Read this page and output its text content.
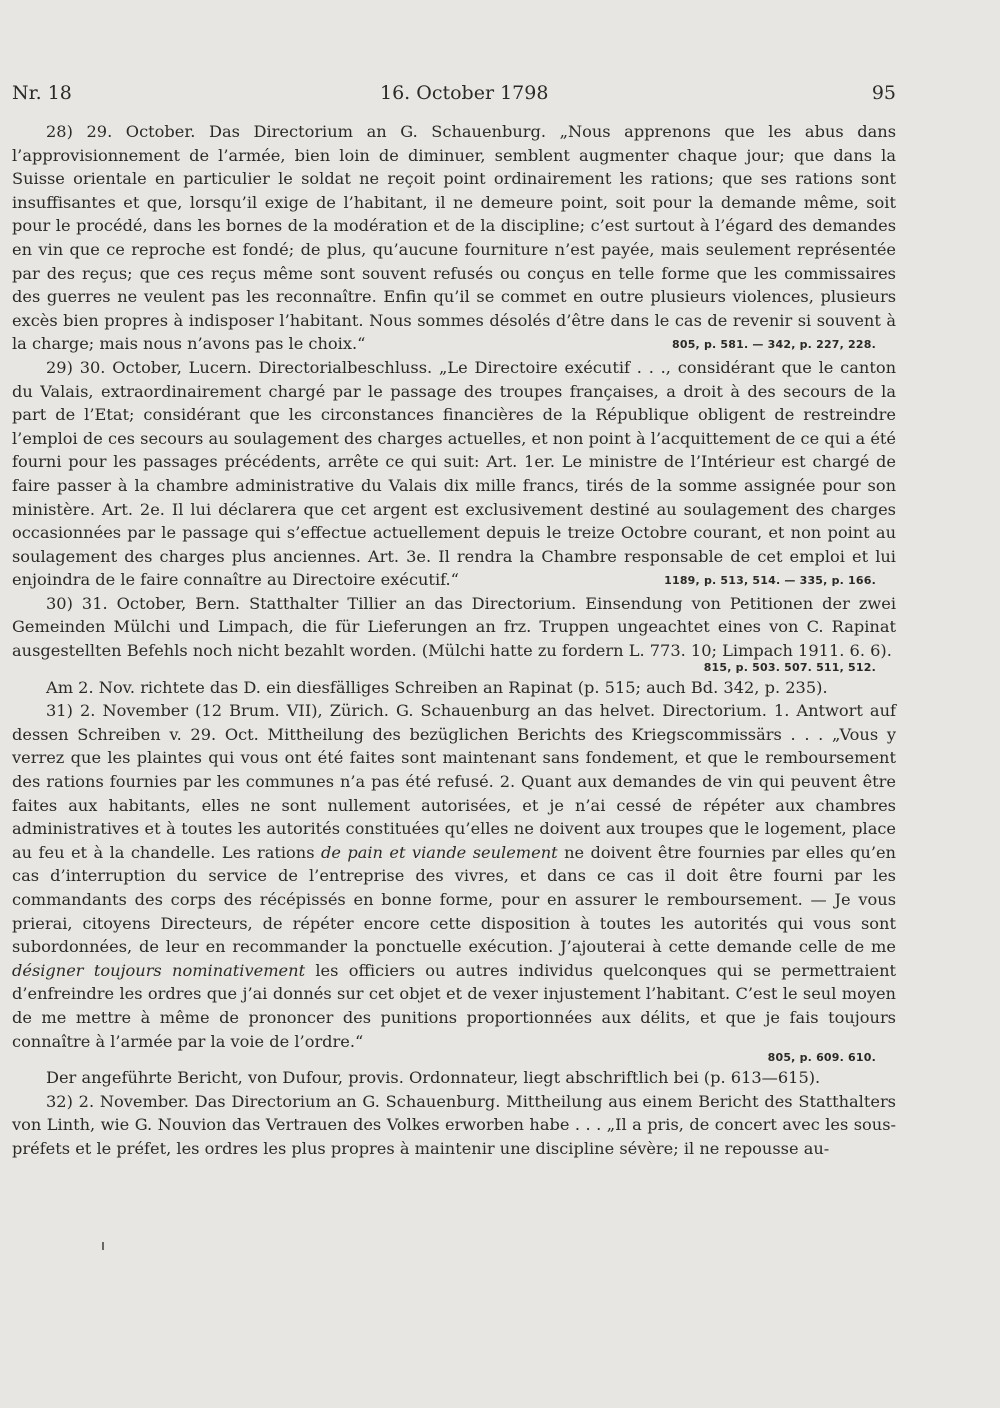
Nr. 18	16. October 1798	95

28) 29. October. Das Directorium an G. Schauenburg. „Nous apprenons que les abus dans l’approvisionnement de l’armée, bien loin de diminuer, semblent augmenter chaque jour; que dans la Suisse orientale en particulier le soldat ne reçoit point ordinairement les rations; que ses rations sont insuffisantes et que, lorsqu’il exige de l’habitant, il ne demeure point, soit pour la demande même, soit pour le procédé, dans les bornes de la modération et de la discipline; c’est surtout à l’égard des demandes en vin que ce reproche est fondé; de plus, qu’aucune fourniture n’est payée, mais seulement représentée par des reçus; que ces reçus même sont souvent refusés ou conçus en telle forme que les commissaires des guerres ne veulent pas les reconnaître. Enfin qu’il se commet en outre plusieurs violences, plusieurs excès bien propres à indisposer l’habitant. Nous sommes désolés d’être dans le cas de revenir si souvent à la charge; mais nous n’avons pas le choix.“	805, p. 581. — 342, p. 227, 228.

29) 30. October, Lucern. Directorialbeschluss. „Le Directoire exécutif . . ., considérant que le canton du Valais, extraordinairement chargé par le passage des troupes françaises, a droit à des secours de la part de l’Etat; considérant que les circonstances financières de la République obligent de restreindre l’emploi de ces secours au soulagement des charges actuelles, et non point à l’acquittement de ce qui a été fourni pour les passages précédents, arrête ce qui suit: Art. 1er. Le ministre de l’Intérieur est chargé de faire passer à la chambre administrative du Valais dix mille francs, tirés de la somme assignée pour son ministère. Art. 2e. Il lui déclarera que cet argent est exclusivement destiné au soulagement des charges occasionnées par le passage qui s’effectue actuellement depuis le treize Octobre courant, et non point au soulagement des charges plus anciennes. Art. 3e. Il rendra la Chambre responsable de cet emploi et lui enjoindra de le faire connaître au Directoire exécutif.“	1189, p. 513, 514. — 335, p. 166.

30) 31. October, Bern. Statthalter Tillier an das Directorium. Einsendung von Petitionen der zwei Gemeinden Mülchi und Limpach, die für Lieferungen an frz. Truppen ungeachtet eines von C. Rapinat ausgestellten Befehls noch nicht bezahlt worden. (Mülchi hatte zu fordern L. 773. 10; Limpach 1911. 6. 6).

815, p. 503. 507. 511, 512.

Am 2. Nov. richtete das D. ein diesfälliges Schreiben an Rapinat (p. 515; auch Bd. 342, p. 235).

31) 2. November (12 Brum. VII), Zürich. G. Schauenburg an das helvet. Directorium. 1. Antwort auf dessen Schreiben v. 29. Oct. Mittheilung des bezüglichen Berichts des Kriegscommissärs . . . „Vous y verrez que les plaintes qui vous ont été faites sont maintenant sans fondement, et que le remboursement des rations fournies par les communes n’a pas été refusé. 2. Quant aux demandes de vin qui peuvent être faites aux habitants, elles ne sont nullement autorisées, et je n’ai cessé de répéter aux chambres administratives et à toutes les autorités constituées qu’elles ne doivent aux troupes que le logement, place au feu et à la chandelle. Les rations de pain et viande seulement ne doivent être fournies par elles qu’en cas d’interruption du service de l’entreprise des vivres, et dans ce cas il doit être fourni par les commandants des corps des récépissés en bonne forme, pour en assurer le remboursement. — Je vous prierai, citoyens Directeurs, de répéter encore cette disposition à toutes les autorités qui vous sont subordonnées, de leur en recommander la ponctuelle exécution. J’ajouterai à cette demande celle de me désigner toujours nominativement les officiers ou autres individus quelconques qui se permettraient d’enfreindre les ordres que j’ai donnés sur cet objet et de vexer injustement l’habitant. C’est le seul moyen de me mettre à même de prononcer des punitions proportionnées aux délits, et que je fais toujours connaître à l’armée par la voie de l’ordre.“

805, p. 609. 610.

Der angeführte Bericht, von Dufour, provis. Ordonnateur, liegt abschriftlich bei (p. 613—615).

32) 2. November. Das Directorium an G. Schauenburg. Mittheilung aus einem Bericht des Statthalters von Linth, wie G. Nouvion das Vertrauen des Volkes erworben habe . . . „Il a pris, de concert avec les sous-préfets et le préfet, les ordres les plus propres à maintenir une discipline sévère; il ne repousse au-
